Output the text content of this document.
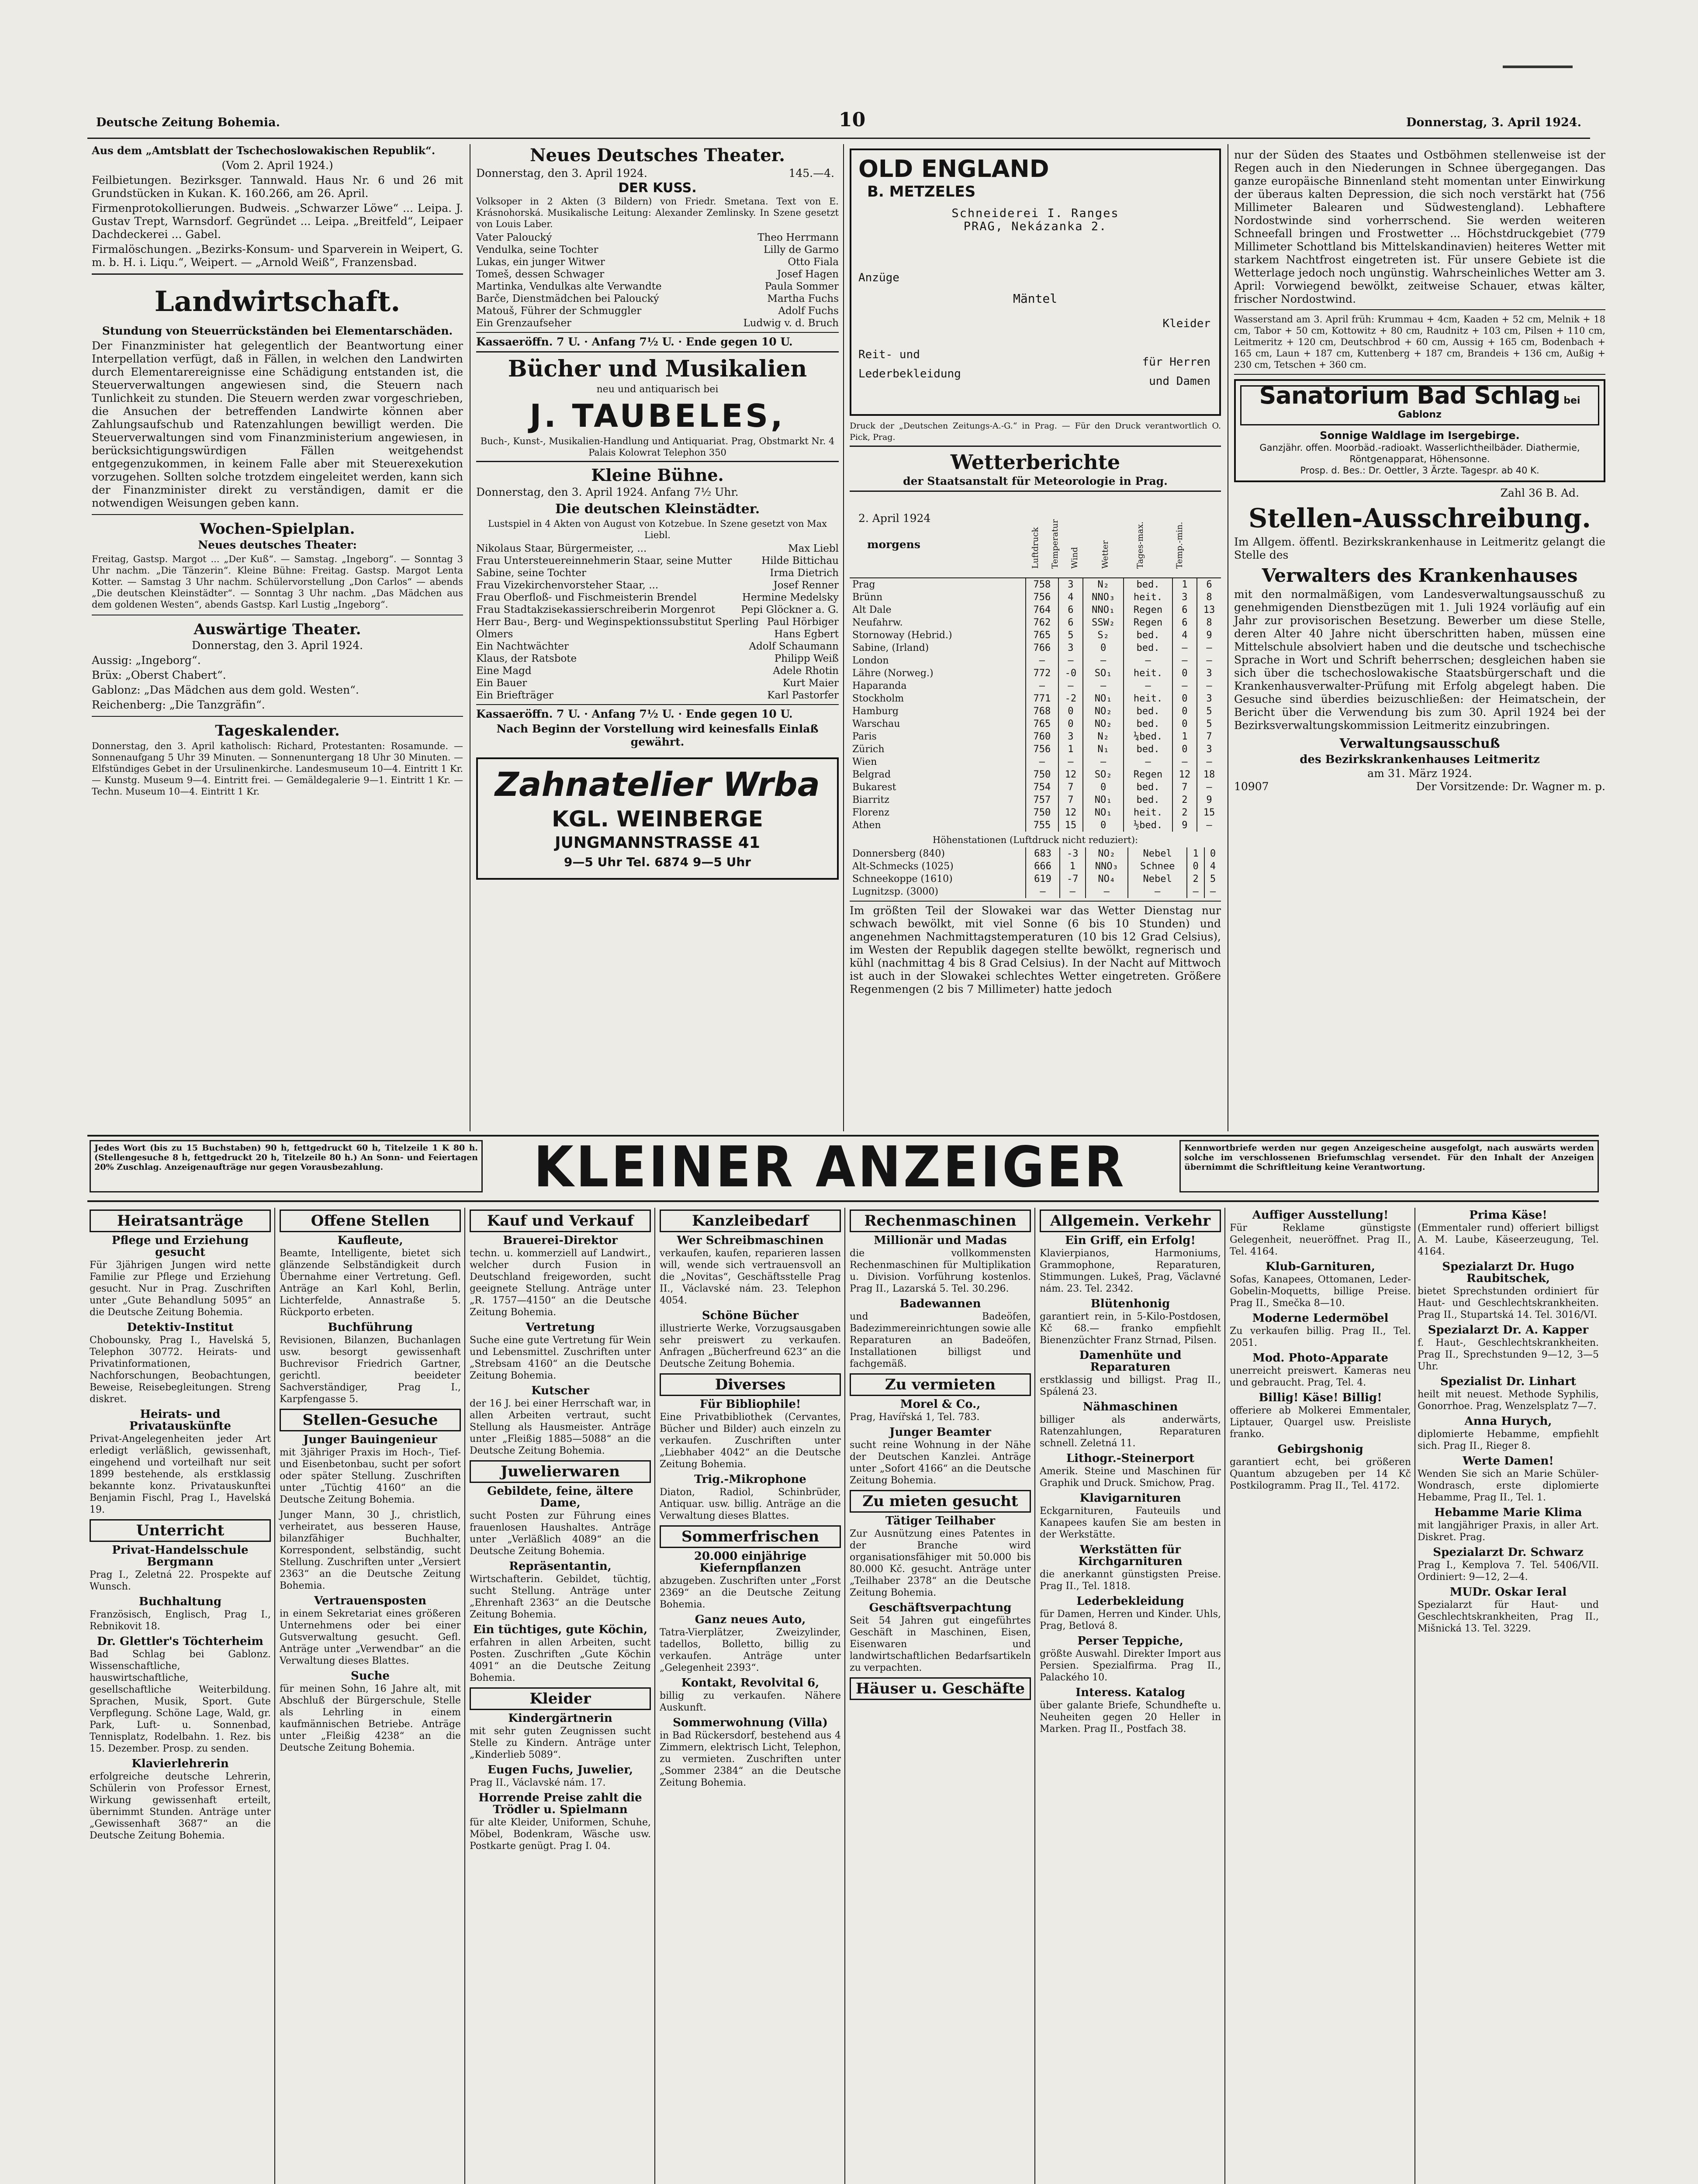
Deutsche Zeitung Bohemia.	10	Donnerstag, 3. April 1924.

Aus dem „Amtsblatt der Tschechoslowakischen Republik“.

(Vom 2. April 1924.)

Feilbietungen. Bezirksger. Tannwald. Haus Nr. 6 und 26 mit Grundstücken in Kukan. K. 160.266, am 26. April.

Firmenprotokollierungen. Budweis. „Schwarzer Löwe“ ... Leipa. J. Gustav Trept, Warnsdorf. Gegründet ... Leipa. „Breitfeld“, Leipaer Dachdeckerei ... Gabel.

Firmalöschungen. „Bezirks-Konsum- und Sparverein in Weipert, G. m. b. H. i. Liqu.“, Weipert. — „Arnold Weiß“, Franzensbad.

Landwirtschaft.

Stundung von Steuerrückständen bei Elementarschäden.

Der Finanzminister hat gelegentlich der Beantwortung einer Interpellation verfügt, daß in Fällen, in welchen den Landwirten durch Elementarereignisse eine Schädigung entstanden ist, die Steuerverwaltungen angewiesen sind, die Steuern nach Tunlichkeit zu stunden. Die Steuern werden zwar vorgeschrieben, die Ansuchen der betreffenden Landwirte können aber Zahlungsaufschub und Ratenzahlungen bewilligt werden. Die Steuerverwaltungen sind vom Finanzministerium angewiesen, in berücksichtigungswürdigen Fällen weitgehendst entgegenzukommen, in keinem Falle aber mit Steuerexekution vorzugehen. Sollten solche trotzdem eingeleitet werden, kann sich der Finanzminister direkt zu verständigen, damit er die notwendigen Weisungen geben kann.

Wochen-Spielplan.

Neues deutsches Theater:

Freitag, Gastsp. Margot ... „Der Kuß“. — Samstag. „Ingeborg“. — Sonntag 3 Uhr nachm. „Die Tänzerin“. Kleine Bühne: Freitag. Gastsp. Margot Lenta Kotter. — Samstag 3 Uhr nachm. Schülervorstellung „Don Carlos“ — abends „Die deutschen Kleinstädter“. — Sonntag 3 Uhr nachm. „Das Mädchen aus dem goldenen Westen“, abends Gastsp. Karl Lustig „Ingeborg“.

Auswärtige Theater.

Donnerstag, den 3. April 1924.

Aussig: „Ingeborg“.

Brüx: „Oberst Chabert“.

Gablonz: „Das Mädchen aus dem gold. Westen“.

Reichenberg: „Die Tanzgräfin“.

Tageskalender.

Donnerstag, den 3. April katholisch: Richard, Protestanten: Rosamunde. — Sonnenaufgang 5 Uhr 39 Minuten. — Sonnenuntergang 18 Uhr 30 Minuten. — Elfstündiges Gebet in der Ursulinenkirche. Landesmuseum 10—4. Eintritt 1 Kr. — Kunstg. Museum 9—4. Eintritt frei. — Gemäldegalerie 9—1. Eintritt 1 Kr. — Techn. Museum 10—4. Eintritt 1 Kr.

Neues Deutsches Theater.
Donnerstag, den 3. April 1924.	145.—4.
DER KUSS.

Volksoper in 2 Akten (3 Bildern) von Friedr. Smetana. Text von E. Krásnohorská. Musikalische Leitung: Alexander Zemlinsky. In Szene gesetzt von Louis Laber.

Vater Paloucký	Theo Herrmann
Vendulka, seine Tochter	Lilly de Garmo
Lukas, ein junger Witwer	Otto Fiala
Tomeš, dessen Schwager	Josef Hagen
Martinka, Vendulkas alte Verwandte	Paula Sommer
Barče, Dienstmädchen bei Paloucký	Martha Fuchs
Matouš, Führer der Schmuggler	Adolf Fuchs
Ein Grenzaufseher	Ludwig v. d. Bruch

Kassaeröffn. 7 U. · Anfang 7½ U. · Ende gegen 10 U.

Bücher und Musikalien
neu und antiquarisch bei
J. TAUBELES,

Buch-, Kunst-, Musikalien-Handlung und Antiquariat. Prag, Obstmarkt Nr. 4 Palais Kolowrat Telephon 350

Kleine Bühne.

Donnerstag, den 3. April 1924. Anfang 7½ Uhr.

Die deutschen Kleinstädter.

Lustspiel in 4 Akten von August von Kotzebue. In Szene gesetzt von Max Liebl.

Nikolaus Staar, Bürgermeister, ...	Max Liebl
Frau Untersteuereinnehmerin Staar, seine Mutter	Hilde Bittichau
Sabine, seine Tochter	Irma Dietrich
Frau Vizekirchenvorsteher Staar, ...	Josef Renner
Frau Oberfloß- und Fischmeisterin Brendel	Hermine Medelsky
Frau Stadtakzisekassierschreiberin Morgenrot	Pepi Glöckner a. G.
Herr Bau-, Berg- und Weginspektionssubstitut Sperling Paul Hörbiger
Olmers	Hans Egbert
Ein Nachtwächter	Adolf Schaumann
Klaus, der Ratsbote	Philipp Weiß
Eine Magd	Adele Rhotin
Ein Bauer	Kurt Maier
Ein Briefträger	Karl Pastorfer

Kassaeröffn. 7 U. · Anfang 7½ U. · Ende gegen 10 U.

Nach Beginn der Vorstellung wird keinesfalls Einlaß gewährt.

Zahnatelier Wrba
KGL. WEINBERGE
JUNGMANNSTRASSE 41
9—5 Uhr Tel. 6874 9—5 Uhr
OLD ENGLAND
B. METZELES
Schneiderei I. Ranges
PRAG, Nekázanka 2.
Anzüge

Reit- und
Lederbekleidung
Mäntel
Kleider

für Herren
und Damen

Druck der „Deutschen Zeitungs-A.-G.“ in Prag. — Für den Druck verantwortlich O. Pick, Prag.

Wetterberichte
der Staatsanstalt für Meteorologie in Prag.
2. April 1924
morgens	Luftdruck Temperatur Wind	Wetter	Tages-max.	Temp.-min.
Prag	758	3	N₂	bed.	1	6
Brünn	756	4	NNO₃	heit.	3	8
Alt Dale	764	6	NNO₁	Regen	6	13
Neufahrw.	762	6	SSW₂	Regen	6	8
Stornoway (Hebrid.)	765	5	S₂	bed.	4	9
Sabine, (Irland)	766	3	0	bed.	—	—
London	—	—	—	—	—	—
Lähre (Norweg.)	772	-0	SO₁	heit.	0	3
Haparanda	—	—	—	—	—	—
Stockholm	771	-2	NO₁	heit.	0	3
Hamburg	768	0	NO₂	bed.	0	5
Warschau	765	0	NO₂	bed.	0	5
Paris	760	3	N₂	¼bed.	1	7
Zürich	756	1	N₁	bed.	0	3
Wien	—	—	—	—	—	—
Belgrad	750	12	SO₂	Regen	12	18
Bukarest	754	7	0	bed.	7	—
Biarritz	757	7	NO₁	bed.	2	9
Florenz	750	12	NO₁	heit.	2	15
Athen	755	15	0	½bed.	9	—

Höhenstationen (Luftdruck nicht reduziert):

Donnersberg (840)	683	-3	NO₂	Nebel	1	0
Alt-Schmecks (1025)	666	1	NNO₃	Schnee	0	4
Schneekoppe (1610)	619	-7	NO₄	Nebel	2	5
Lugnitzsp. (3000)	—	—	—	—	—	—

Im größten Teil der Slowakei war das Wetter Dienstag nur schwach bewölkt, mit viel Sonne (6 bis 10 Stunden) und angenehmen Nachmittagstemperaturen (10 bis 12 Grad Celsius), im Westen der Republik dagegen stellte bewölkt, regnerisch und kühl (nachmittag 4 bis 8 Grad Celsius). In der Nacht auf Mittwoch ist auch in der Slowakei schlechtes Wetter eingetreten. Größere Regenmengen (2 bis 7 Millimeter) hatte jedoch

nur der Süden des Staates und Ostböhmen stellenweise ist der Regen auch in den Niederungen in Schnee übergegangen. Das ganze europäische Binnenland steht momentan unter Einwirkung der überaus kalten Depression, die sich noch verstärkt hat (756 Millimeter Balearen und Südwestengland). Lebhaftere Nordostwinde sind vorherrschend. Sie werden weiteren Schneefall bringen und Frostwetter ... Höchstdruckgebiet (779 Millimeter Schottland bis Mittelskandinavien) heiteres Wetter mit starkem Nachtfrost eingetreten ist. Für unsere Gebiete ist die Wetterlage jedoch noch ungünstig. Wahrscheinliches Wetter am 3. April: Vorwiegend bewölkt, zeitweise Schauer, etwas kälter, frischer Nordostwind.

Wasserstand am 3. April früh: Krummau + 4cm, Kaaden + 52 cm, Melnik + 18 cm, Tabor + 50 cm, Kottowitz + 80 cm, Raudnitz + 103 cm, Pilsen + 110 cm, Leitmeritz + 120 cm, Deutschbrod + 60 cm, Aussig + 165 cm, Bodenbach + 165 cm, Laun + 187 cm, Kuttenberg + 187 cm, Brandeis + 136 cm, Außig + 230 cm, Tetschen + 360 cm.

Sanatorium Bad Schlag bei Gablonz
Sonnige Waldlage im Isergebirge.
Ganzjähr. offen. Moorbäd.-radioakt. Wasserlichtheilbäder. Diathermie, Röntgenapparat, Höhensonne.
Prosp. d. Bes.: Dr. Oettler, 3 Ärzte. Tagespr. ab 40 K.

Zahl 36 B. Ad.

Stellen-Ausschreibung.

Im Allgem. öffentl. Bezirkskrankenhause in Leitmeritz gelangt die Stelle des

Verwalters des Krankenhauses

mit den normalmäßigen, vom Landesverwaltungsausschuß zu genehmigenden Dienstbezügen mit 1. Juli 1924 vorläufig auf ein Jahr zur provisorischen Besetzung. Bewerber um diese Stelle, deren Alter 40 Jahre nicht überschritten haben, müssen eine Mittelschule absolviert haben und die deutsche und tschechische Sprache in Wort und Schrift beherrschen; desgleichen haben sie sich über die tschechoslowakische Staatsbürgerschaft und die Krankenhausverwalter-Prüfung mit Erfolg abgelegt haben. Die Gesuche sind überdies beizuschließen: der Heimatschein, der Bericht über die Verwendung bis zum 30. April 1924 bei der Bezirksverwaltungskommission Leitmeritz einzubringen.

Verwaltungsausschuß
des Bezirkskrankenhauses Leitmeritz
am 31. März 1924.
10907	Der Vorsitzende: Dr. Wagner m. p.
Jedes Wort (bis zu 15 Buchstaben) 90 h, fettgedruckt 60 h, Titelzeile 1 K 80 h. (Stellengesuche 8 h, fettgedruckt 20 h, Titelzeile 80 h.) An Sonn- und Feiertagen 20% Zuschlag. Anzeigenaufträge nur gegen Vorausbezahlung.	KLEINER ANZEIGER	Kennwortbriefe werden nur gegen Anzeigescheine ausgefolgt, nach auswärts werden solche im verschlossenen Briefumschlag versendet. Für den Inhalt der Anzeigen übernimmt die Schriftleitung keine Verantwortung.
Heiratsanträge
Pflege und Erziehung gesucht
Für 3jährigen Jungen wird nette Familie zur Pflege und Erziehung gesucht. Nur in Prag. Zuschriften unter „Gute Behandlung 5095“ an die Deutsche Zeitung Bohemia.
Detektiv-Institut
Chobounsky, Prag I., Havelská 5, Telephon 30772. Heirats- und Privatinformationen, Nachforschungen, Beobachtungen, Beweise, Reisebegleitungen. Streng diskret.
Heirats- und Privatauskünfte
Privat-Angelegenheiten jeder Art erledigt verläßlich, gewissenhaft, eingehend und vorteilhaft nur seit 1899 bestehende, als erstklassig bekannte konz. Privatauskunftei Benjamin Fischl, Prag I., Havelská 19.
Unterricht
Privat-Handelsschule Bergmann
Prag I., Zeletná 22. Prospekte auf Wunsch.
Buchhaltung
Französisch, Englisch, Prag I., Rebnikovit 18.
Dr. Glettler's Töchterheim
Bad Schlag bei Gablonz. Wissenschaftliche, hauswirtschaftliche, gesellschaftliche Weiterbildung. Sprachen, Musik, Sport. Gute Verpflegung. Schöne Lage, Wald, gr. Park, Luft- u. Sonnenbad, Tennisplatz, Rodelbahn. 1. Rez. bis 15. Dezember. Prosp. zu senden.
Klavierlehrerin
erfolgreiche deutsche Lehrerin, Schülerin von Professor Ernest, Wirkung gewissenhaft erteilt, übernimmt Stunden. Anträge unter „Gewissenhaft 3687“ an die Deutsche Zeitung Bohemia.
Offene Stellen
Kaufleute,
Beamte, Intelligente, bietet sich glänzende Selbständigkeit durch Übernahme einer Vertretung. Gefl. Anträge an Karl Kohl, Berlin, Lichterfelde, Annastraße 5. Rückporto erbeten.
Buchführung
Revisionen, Bilanzen, Buchanlagen usw. besorgt gewissenhaft Buchrevisor Friedrich Gartner, gerichtl. beeideter Sachverständiger, Prag I., Karpfengasse 5.
Stellen-Gesuche
Junger Bauingenieur
mit 3jähriger Praxis im Hoch-, Tief- und Eisenbetonbau, sucht per sofort oder später Stellung. Zuschriften unter „Tüchtig 4160“ an die Deutsche Zeitung Bohemia.
Junger Mann, 30 J., christlich, verheiratet, aus besseren Hause, bilanzfähiger Buchhalter, Korrespondent, selbständig, sucht Stellung. Zuschriften unter „Versiert 2363“ an die Deutsche Zeitung Bohemia.
Vertrauensposten
in einem Sekretariat eines größeren Unternehmens oder bei einer Gutsverwaltung gesucht. Gefl. Anträge unter „Verwendbar“ an die Verwaltung dieses Blattes.
Suche
für meinen Sohn, 16 Jahre alt, mit Abschluß der Bürgerschule, Stelle als Lehrling in einem kaufmännischen Betriebe. Anträge unter „Fleißig 4238“ an die Deutsche Zeitung Bohemia.
Kauf und Verkauf
Brauerei-Direktor
techn. u. kommerziell auf Landwirt., welcher durch Fusion in Deutschland freigeworden, sucht geeignete Stellung. Anträge unter „R. 1757—4150“ an die Deutsche Zeitung Bohemia.
Vertretung
Suche eine gute Vertretung für Wein und Lebensmittel. Zuschriften unter „Strebsam 4160“ an die Deutsche Zeitung Bohemia.
Kutscher
der 16 J. bei einer Herrschaft war, in allen Arbeiten vertraut, sucht Stellung als Hausmeister. Anträge unter „Fleißig 1885—5088“ an die Deutsche Zeitung Bohemia.
Juwelierwaren
Gebildete, feine, ältere Dame,
sucht Posten zur Führung eines frauenlosen Haushaltes. Anträge unter „Verläßlich 4089“ an die Deutsche Zeitung Bohemia.
Repräsentantin,
Wirtschafterin. Gebildet, tüchtig, sucht Stellung. Anträge unter „Ehrenhaft 2363“ an die Deutsche Zeitung Bohemia.
Ein tüchtiges, gute Köchin,
erfahren in allen Arbeiten, sucht Posten. Zuschriften „Gute Köchin 4091“ an die Deutsche Zeitung Bohemia.
Kleider
Kindergärtnerin
mit sehr guten Zeugnissen sucht Stelle zu Kindern. Anträge unter „Kinderlieb 5089“.
Eugen Fuchs, Juwelier,
Prag II., Václavské nám. 17.
Horrende Preise zahlt die Trödler u. Spielmann
für alte Kleider, Uniformen, Schuhe, Möbel, Bodenkram, Wäsche usw. Postkarte genügt. Prag I. 04.
Kanzleibedarf
Wer Schreibmaschinen
verkaufen, kaufen, reparieren lassen will, wende sich vertrauensvoll an die „Novitas“, Geschäftsstelle Prag II., Václavské nám. 23. Telephon 4054.
Schöne Bücher
illustrierte Werke, Vorzugsausgaben sehr preiswert zu verkaufen. Anfragen „Bücherfreund 623“ an die Deutsche Zeitung Bohemia.
Diverses
Für Bibliophile!
Eine Privatbibliothek (Cervantes, Bücher und Bilder) auch einzeln zu verkaufen. Zuschriften unter „Liebhaber 4042“ an die Deutsche Zeitung Bohemia.
Trig.-Mikrophone
Diaton, Radiol, Schinbrüder, Antiquar. usw. billig. Anträge an die Verwaltung dieses Blattes.
Sommerfrischen
20.000 einjährige Kiefernpflanzen
abzugeben. Zuschriften unter „Forst 2369“ an die Deutsche Zeitung Bohemia.
Ganz neues Auto,
Tatra-Vierplätzer, Zweizylinder, tadellos, Bolletto, billig zu verkaufen. Anträge unter „Gelegenheit 2393“.
Kontakt, Revolvital 6,
billig zu verkaufen. Nähere Auskunft.
Sommerwohnung (Villa)
in Bad Rückersdorf, bestehend aus 4 Zimmern, elektrisch Licht, Telephon, zu vermieten. Zuschriften unter „Sommer 2384“ an die Deutsche Zeitung Bohemia.
Rechenmaschinen
Millionär und Madas
die vollkommensten Rechenmaschinen für Multiplikation u. Division. Vorführung kostenlos. Prag II., Lazarská 5. Tel. 30.296.
Badewannen
und Badeöfen, Badezimmereinrichtungen sowie alle Reparaturen an Badeöfen, Installationen billigst und fachgemäß.
Zu vermieten
Morel & Co.,
Prag, Havířská 1, Tel. 783.
Junger Beamter
sucht reine Wohnung in der Nähe der Deutschen Kanzlei. Anträge unter „Sofort 4166“ an die Deutsche Zeitung Bohemia.
Zu mieten gesucht
Tätiger Teilhaber
Zur Ausnützung eines Patentes in der Branche wird organisationsfähiger mit 50.000 bis 80.000 Kč. gesucht. Anträge unter „Teilhaber 2378“ an die Deutsche Zeitung Bohemia.
Geschäftsverpachtung
Seit 54 Jahren gut eingeführtes Geschäft in Maschinen, Eisen, Eisenwaren und landwirtschaftlichen Bedarfsartikeln zu verpachten.
Häuser u. Geschäfte
Allgemein. Verkehr
Ein Griff, ein Erfolg!
Klavierpianos, Harmoniums, Grammophone, Reparaturen, Stimmungen. Lukeš, Prag, Väclavné nám. 23. Tel. 2342.
Blütenhonig
garantiert rein, in 5-Kilo-Postdosen, Kč 68.— franko empfiehlt Bienenzüchter Franz Strnad, Pilsen.
Damenhüte und Reparaturen
erstklassig und billigst. Prag II., Spálená 23.
Nähmaschinen
billiger als anderwärts, Ratenzahlungen, Reparaturen schnell. Zeletná 11.
Lithogr.-Steinerport
Amerik. Steine und Maschinen für Graphik und Druck. Smichow, Prag.
Klavigarnituren
Eckgarnituren, Fauteuils und Kanapees kaufen Sie am besten in der Werkstätte.
Werkstätten für Kirchgarnituren
die anerkannt günstigsten Preise. Prag II., Tel. 1818.
Lederbekleidung
für Damen, Herren und Kinder. Uhls, Prag, Betlová 8.
Perser Teppiche,
größte Auswahl. Direkter Import aus Persien. Spezialfirma. Prag II., Palackého 10.
Interess. Katalog
über galante Briefe, Schundhefte u. Neuheiten gegen 20 Heller in Marken. Prag II., Postfach 38.
Auffiger Ausstellung!
Für Reklame günstigste Gelegenheit, neueröffnet. Prag II., Tel. 4164.
Klub-Garnituren,
Sofas, Kanapees, Ottomanen, Leder-Gobelin-Moquetts, billige Preise. Prag II., Smečka 8—10.
Moderne Ledermöbel
Zu verkaufen billig. Prag II., Tel. 2051.
Mod. Photo-Apparate
unerreicht preiswert. Kameras neu und gebraucht. Prag, Tel. 4.
Billig! Käse! Billig!
offeriere ab Molkerei Emmentaler, Liptauer, Quargel usw. Preisliste franko.
Gebirgshonig
garantiert echt, bei größeren Quantum abzugeben per 14 Kč Postkilogramm. Prag II., Tel. 4172.
Prima Käse!
(Emmentaler rund) offeriert billigst A. M. Laube, Käseerzeugung, Tel. 4164.
Spezialarzt Dr. Hugo Raubitschek,
bietet Sprechstunden ordiniert für Haut- und Geschlechtskrankheiten. Prag II., Stupartská 14. Tel. 3016/VI.
Spezialarzt Dr. A. Kapper
f. Haut-, Geschlechtskrankheiten. Prag II., Sprechstunden 9—12, 3—5 Uhr.
Spezialist Dr. Linhart
heilt mit neuest. Methode Syphilis, Gonorrhoe. Prag, Wenzelsplatz 7—7.
Anna Hurych,
diplomierte Hebamme, empfiehlt sich. Prag II., Rieger 8.
Werte Damen!
Wenden Sie sich an Marie Schüler-Wondrasch, erste diplomierte Hebamme, Prag II., Tel. 1.
Hebamme Marie Klima
mit langjähriger Praxis, in aller Art. Diskret. Prag.
Spezialarzt Dr. Schwarz
Prag I., Kemplova 7. Tel. 5406/VII. Ordiniert: 9—12, 2—4.
MUDr. Oskar Ieral
Spezialarzt für Haut- und Geschlechtskrankheiten, Prag II., Mišnická 13. Tel. 3229.
